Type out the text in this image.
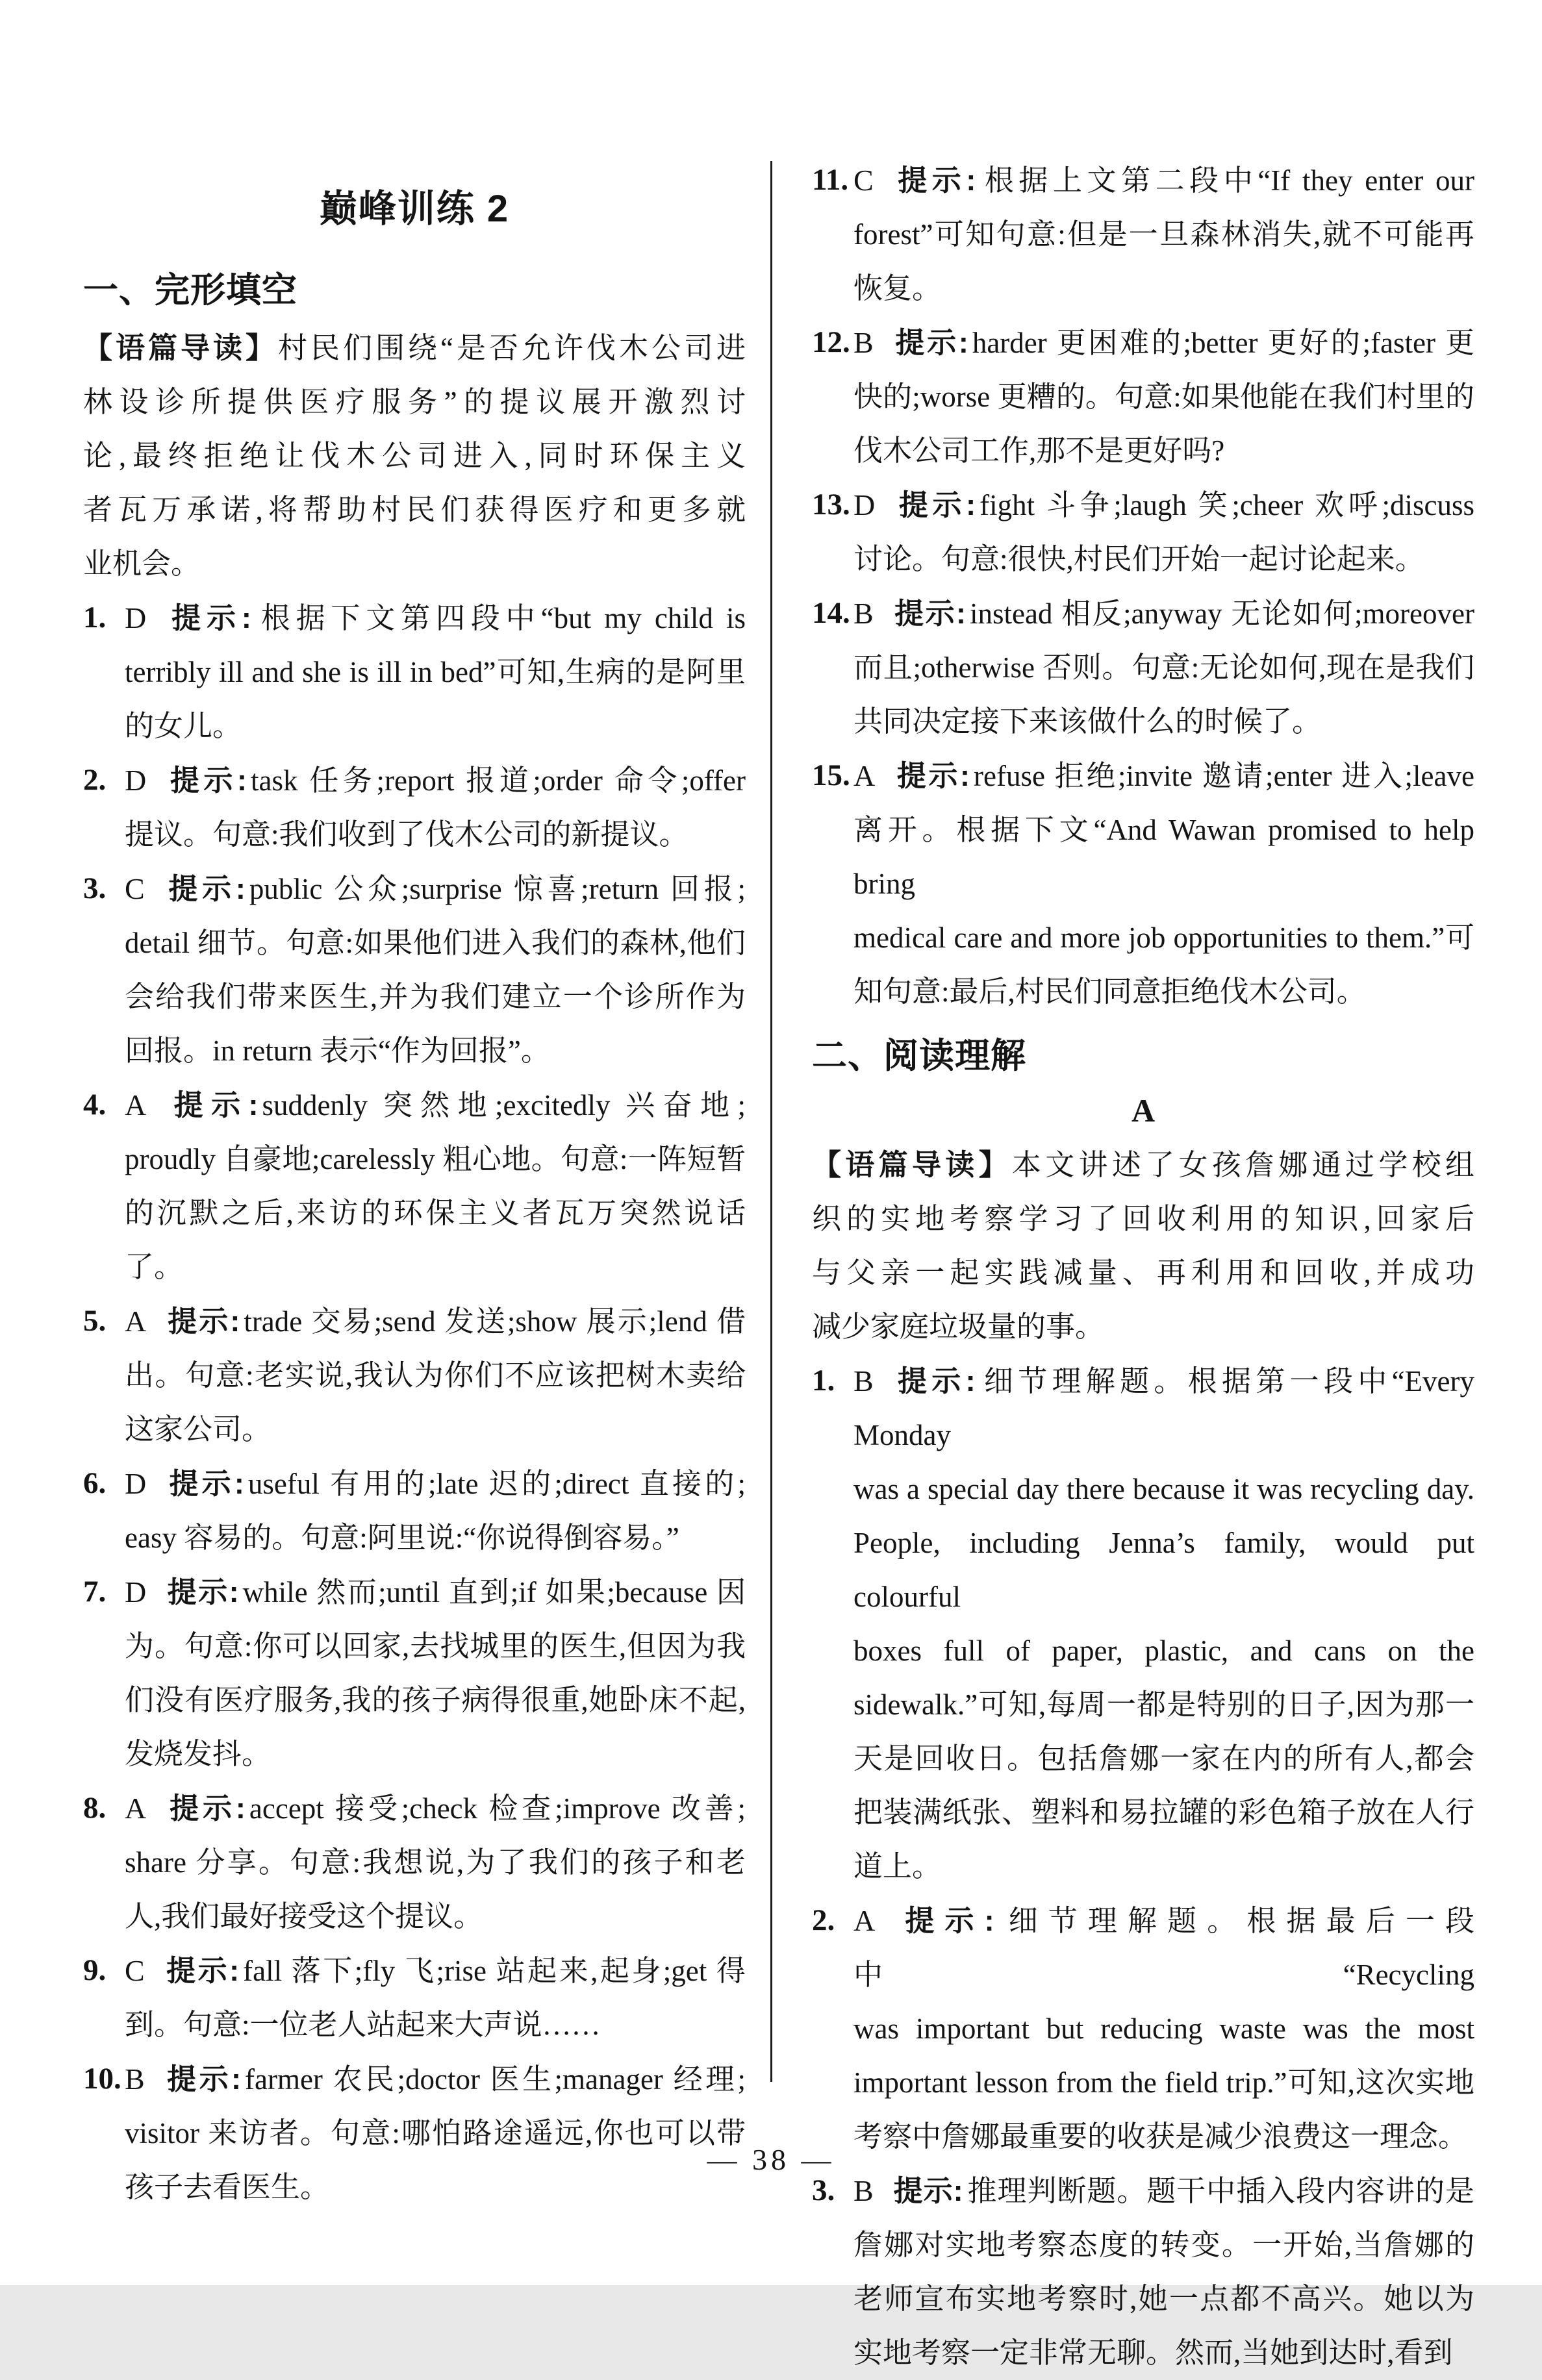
巅峰训练 2
一、完形填空
【语篇导读】村民们围绕“是否允许伐木公司进
林设诊所提供医疗服务”的提议展开激烈讨
论,最终拒绝让伐木公司进入,同时环保主义
者瓦万承诺,将帮助村民们获得医疗和更多就
业机会。
1. D 提示: 根据下文第四段中“but my child is
terribly ill and she is ill in bed”可知,生病的是阿里
的女儿。
2. D 提示: task 任务;report 报道;order 命令;offer
提议。句意:我们收到了伐木公司的新提议。
3. C 提示: public 公众;surprise 惊喜;return 回报;
detail 细节。句意:如果他们进入我们的森林,他们
会给我们带来医生,并为我们建立一个诊所作为
回报。in return 表示“作为回报”。
4. A 提示: suddenly 突然地;excitedly 兴奋地;
proudly 自豪地;carelessly 粗心地。句意:一阵短暂
的沉默之后,来访的环保主义者瓦万突然说话了。
5. A 提示: trade 交易;send 发送;show 展示;lend 借
出。句意:老实说,我认为你们不应该把树木卖给
这家公司。
6. D 提示: useful 有用的;late 迟的;direct 直接的;
easy 容易的。句意:阿里说:“你说得倒容易。”
7. D 提示: while 然而;until 直到;if 如果;because 因
为。句意:你可以回家,去找城里的医生,但因为我
们没有医疗服务,我的孩子病得很重,她卧床不起,
发烧发抖。
8. A 提示: accept 接受;check 检查;improve 改善;
share 分享。句意:我想说,为了我们的孩子和老
人,我们最好接受这个提议。
9. C 提示: fall 落下;fly 飞;rise 站起来,起身;get 得
到。句意:一位老人站起来大声说……
10. B 提示: farmer 农民;doctor 医生;manager 经理;
visitor 来访者。句意:哪怕路途遥远,你也可以带
孩子去看医生。
11. C 提示: 根据上文第二段中“If they enter our
forest”可知句意:但是一旦森林消失,就不可能再
恢复。
12. B 提示: harder 更困难的;better 更好的;faster 更
快的;worse 更糟的。句意:如果他能在我们村里的
伐木公司工作,那不是更好吗?
13. D 提示: fight 斗争;laugh 笑;cheer 欢呼;discuss
讨论。句意:很快,村民们开始一起讨论起来。
14. B 提示: instead 相反;anyway 无论如何;moreover
而且;otherwise 否则。句意:无论如何,现在是我们
共同决定接下来该做什么的时候了。
15. A 提示: refuse 拒绝;invite 邀请;enter 进入;leave
离开。根据下文“And Wawan promised to help bring
medical care and more job opportunities to them.”可
知句意:最后,村民们同意拒绝伐木公司。
二、阅读理解
A
【语篇导读】本文讲述了女孩詹娜通过学校组
织的实地考察学习了回收利用的知识,回家后
与父亲一起实践减量、再利用和回收,并成功
减少家庭垃圾量的事。
1. B 提示: 细节理解题。根据第一段中“Every Monday
was a special day there because it was recycling day.
People, including Jenna’s family, would put colourful
boxes full of paper, plastic, and cans on the
sidewalk.”可知,每周一都是特别的日子,因为那一
天是回收日。包括詹娜一家在内的所有人,都会
把装满纸张、塑料和易拉罐的彩色箱子放在人行
道上。
2. A 提示: 细节理解题。根据最后一段中“Recycling
was important but reducing waste was the most
important lesson from the field trip.”可知,这次实地
考察中詹娜最重要的收获是减少浪费这一理念。
3. B 提示: 推理判断题。题干中插入段内容讲的是
詹娜对实地考察态度的转变。一开始,当詹娜的
老师宣布实地考察时,她一点都不高兴。她以为
实地考察一定非常无聊。然而,当她到达时,看到
— 38 —
